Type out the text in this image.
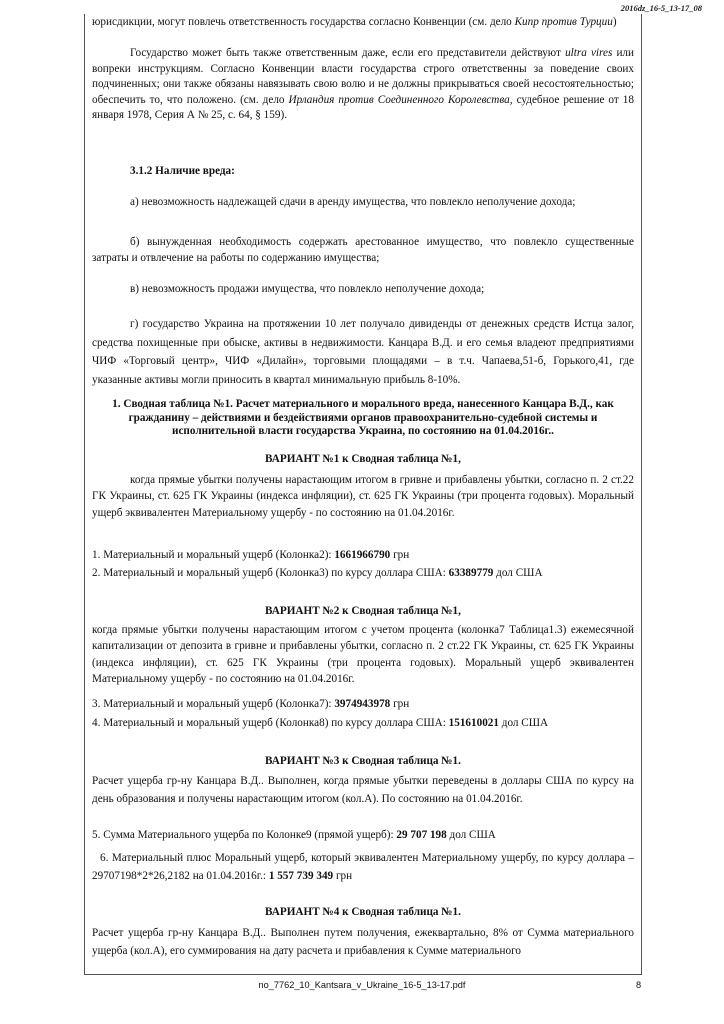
2016dz_16-5_13-17_08

юрисдикции, могут повлечь ответственность государства согласно Конвенции (см. дело Кипр против Турции)

Государство может быть также ответственным даже, если его представители действуют ultra vires или вопреки инструкциям. Согласно Конвенции власти государства строго ответственны за поведение своих подчиненных; они также обязаны навязывать свою волю и не должны прикрываться своей несостоятельностью; обеспечить то, что положено. (см. дело Ирландия против Соединенного Королевства, судебное решение от 18 января 1978, Серия А № 25, с. 64, § 159).

3.1.2 Наличие вреда:

а) невозможность надлежащей сдачи в аренду имущества, что повлекло неполучение дохода;

б) вынужденная необходимость содержать арестованное имущество, что повлекло существенные затраты и отвлечение на работы по содержанию имущества;

в) невозможность продажи имущества, что повлекло неполучение дохода;

г) государство Украина на протяжении 10 лет получало дивиденды от денежных средств Истца залог, средства похищенные при обыске, активы в недвижимости. Канцара В.Д. и его семья владеют предприятиями ЧИФ «Торговый центр», ЧИФ «Дилайн», торговыми площадями – в т.ч. Чапаева,51-б, Горького,41, где указанные активы могли приносить в квартал минимальную прибыль 8-10%.

1. Сводная таблица №1. Расчет материального и морального вреда, нанесенного Канцара В.Д., как гражданину – действиями и бездействиями органов правоохранительно-судебной системы и исполнительной власти государства Украина, по состоянию на 01.04.2016г..

ВАРИАНТ №1 к Сводная таблица №1,

когда прямые убытки получены нарастающим итогом в гривне и прибавлены убытки, согласно п. 2 ст.22 ГК Украины, ст. 625 ГК Украины (индекса инфляции), ст. 625 ГК Украины (три процента годовых). Моральный ущерб эквивалентен Материальному ущербу - по состоянию на 01.04.2016г.

1. Материальный и моральный ущерб (Колонка2): 1661966790 грн

2. Материальный и моральный ущерб (Колонка3) по курсу доллара США: 63389779 дол США

ВАРИАНТ №2 к Сводная таблица №1,

когда прямые убытки получены нарастающим итогом с учетом процента (колонка7 Таблица1.3) ежемесячной капитализации от депозита в гривне и прибавлены убытки, согласно п. 2 ст.22 ГК Украины, ст. 625 ГК Украины (индекса инфляции), ст. 625 ГК Украины (три процента годовых). Моральный ущерб эквивалентен Материальному ущербу - по состоянию на 01.04.2016г.

3. Материальный и моральный ущерб (Колонка7): 3974943978 грн

4. Материальный и моральный ущерб (Колонка8) по курсу доллара США: 151610021 дол США

ВАРИАНТ №3 к Сводная таблица №1.

Расчет ущерба гр-ну Канцара В.Д.. Выполнен, когда прямые убытки переведены в доллары США по курсу на день образования и получены нарастающим итогом (кол.А). По состоянию на 01.04.2016г.

5. Сумма Материального ущерба по Колонке9 (прямой ущерб): 29 707 198 дол США

6. Материальный плюс Моральный ущерб, который эквивалентен Материальному ущербу, по курсу доллара – 29707198*2*26,2182 на 01.04.2016г.: 1 557 739 349 грн

ВАРИАНТ №4 к Сводная таблица №1.

Расчет ущерба гр-ну Канцара В.Д.. Выполнен путем получения, ежеквартально, 8% от Сумма материального ущерба (кол.А), его суммирования на дату расчета и прибавления к Сумме материального

no_7762_10_Kantsara_v_Ukraine_16-5_13-17.pdf	8
